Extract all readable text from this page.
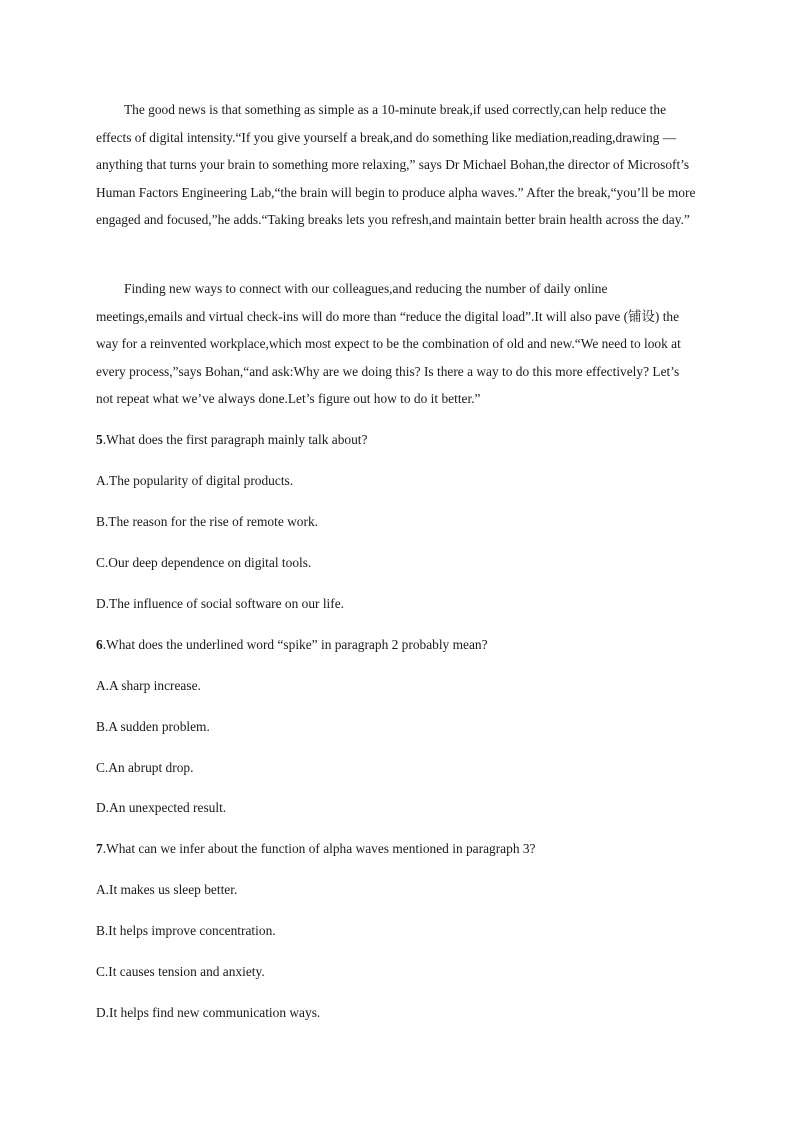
The good news is that something as simple as a 10-minute break,if used correctly,can help reduce the effects of digital intensity.“If you give yourself a break,and do something like mediation,reading,drawing —anything that turns your brain to something more relaxing,” says Dr Michael Bohan,the director of Microsoft’s Human Factors Engineering Lab,“the brain will begin to produce alpha waves.” After the break,“you’ll be more engaged and focused,”he adds.“Taking breaks lets you refresh,and maintain better brain health across the day.”

Finding new ways to connect with our colleagues,and reducing the number of daily online meetings,emails and virtual check-ins will do more than “reduce the digital load”.It will also pave (铺设) the way for a reinvented workplace,which most expect to be the combination of old and new.“We need to look at every process,”says Bohan,“and ask:Why are we doing this? Is there a way to do this more effectively? Let’s not repeat what we’ve always done.Let’s figure out how to do it better.”

5.What does the first paragraph mainly talk about?
A.The popularity of digital products.
B.The reason for the rise of remote work.
C.Our deep dependence on digital tools.
D.The influence of social software on our life.
6.What does the underlined word “spike” in paragraph 2 probably mean?
A.A sharp increase.
B.A sudden problem.
C.An abrupt drop.
D.An unexpected result.
7.What can we infer about the function of alpha waves mentioned in paragraph 3?
A.It makes us sleep better.
B.It helps improve concentration.
C.It causes tension and anxiety.
D.It helps find new communication ways.
